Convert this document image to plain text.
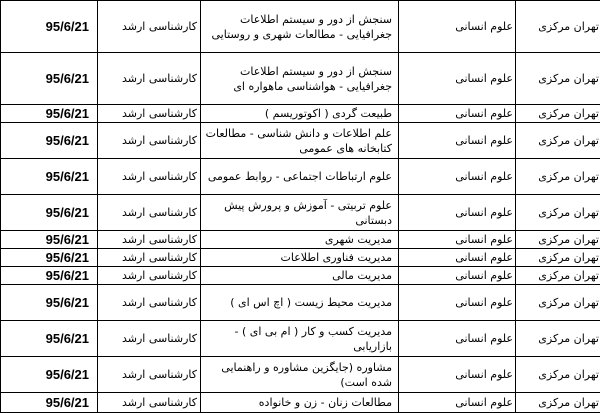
95/6/21	کارشناسی ارشد	سنجش از دور و سیستم اطلاعات جغرافیایی - مطالعات شهری و روستایی	علوم انسانی	تهران مرکزی
95/6/21	کارشناسی ارشد	سنجش از دور و سیستم اطلاعات جغرافیایی - هواشناسی ماهواره ای	علوم انسانی	تهران مرکزی
95/6/21	کارشناسی ارشد	طبیعت گردی ( اکوتوریسم )	علوم انسانی	تهران مرکزی
95/6/21	کارشناسی ارشد	علم اطلاعات و دانش شناسی - مطالعات کتابخانه های عمومی	علوم انسانی	تهران مرکزی
95/6/21	کارشناسی ارشد	علوم ارتباطات اجتماعی - روابط عمومی	علوم انسانی	تهران مرکزی
95/6/21	کارشناسی ارشد	علوم تربیتی - آموزش و پرورش پیش دبستانی	علوم انسانی	تهران مرکزی
95/6/21	کارشناسی ارشد	مدیریت شهری	علوم انسانی	تهران مرکزی
95/6/21	کارشناسی ارشد	مدیریت فناوری اطلاعات	علوم انسانی	تهران مرکزی
95/6/21	کارشناسی ارشد	مدیریت مالی	علوم انسانی	تهران مرکزی
95/6/21	کارشناسی ارشد	مدیریت محیط زیست ( اچ اس ای )	علوم انسانی	تهران مرکزی
95/6/21	کارشناسی ارشد	مدیریت کسب و کار ( ام بی ای ) - بازاریابی	علوم انسانی	تهران مرکزی
95/6/21	کارشناسی ارشد	مشاوره (جایگزین مشاوره و راهنمایی شده است)	علوم انسانی	تهران مرکزی
95/6/21	کارشناسی ارشد	مطالعات زنان - زن و خانواده	علوم انسانی	تهران مرکزی
